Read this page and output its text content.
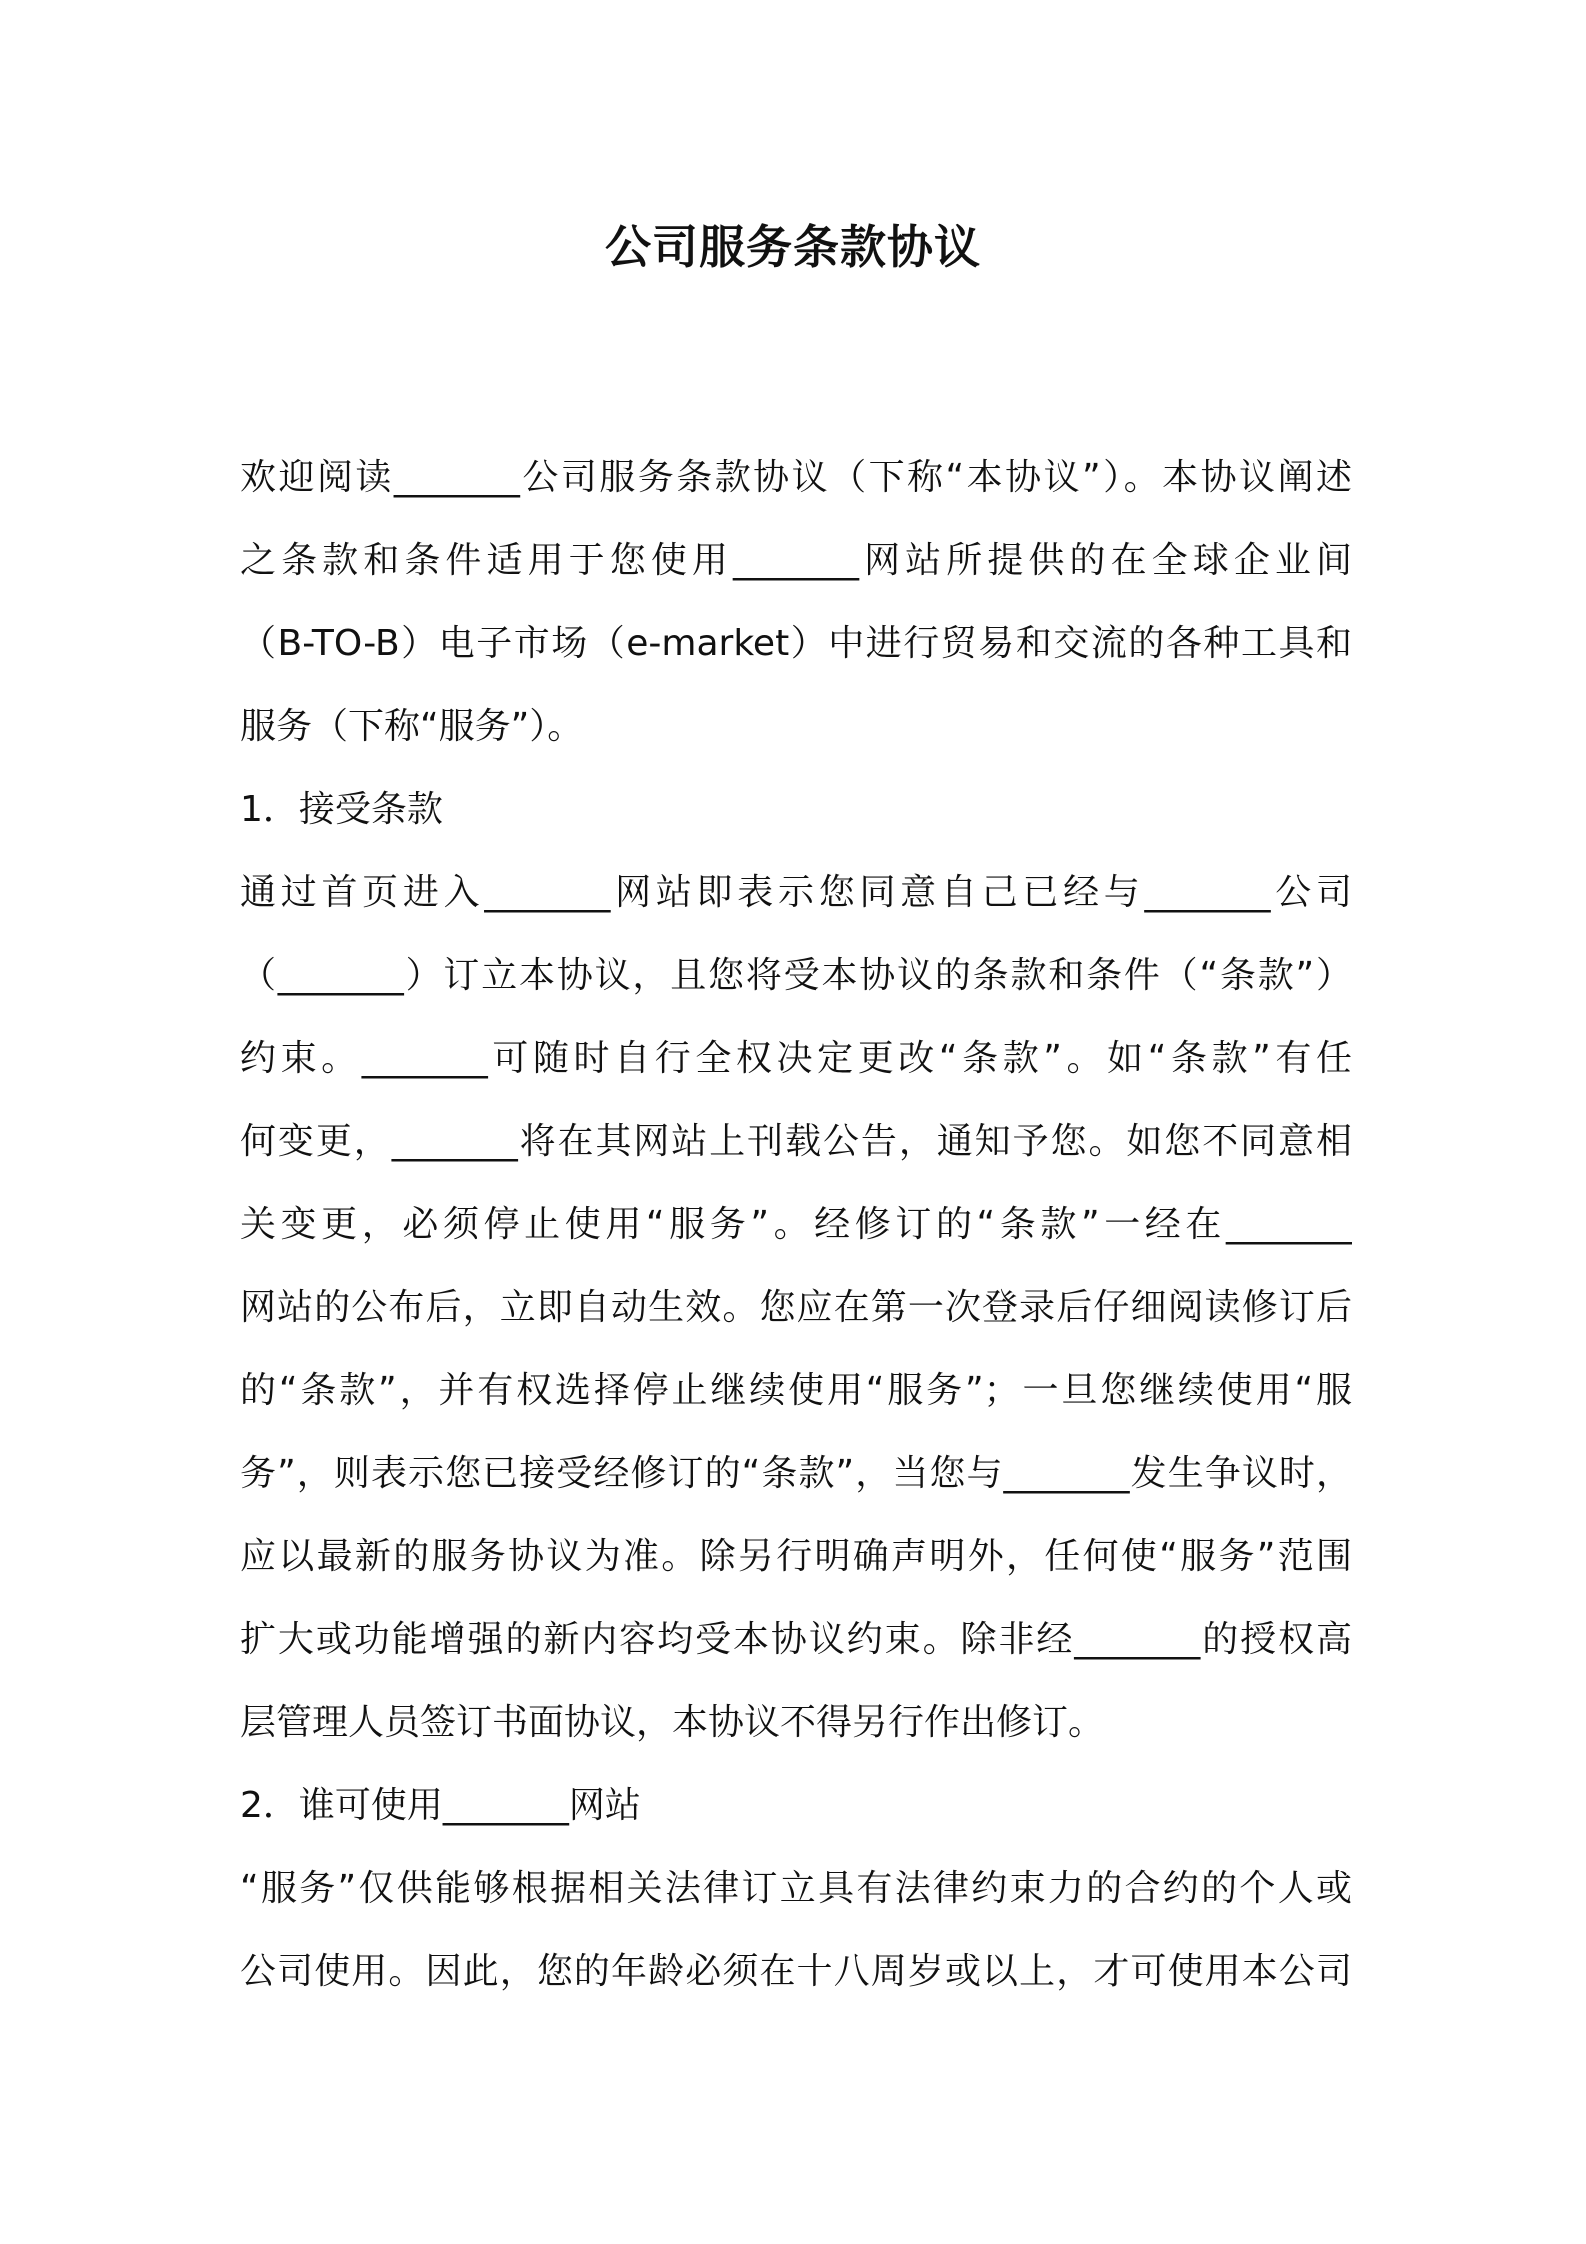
公司服务条款协议
欢迎阅读_______公司服务条款协议（下称“本协议”）。本协议阐述
之条款和条件适用于您使用_______网站所提供的在全球企业间
（B-TO-B）电子市场（e-market）中进行贸易和交流的各种工具和
服务（下称“服务”）。
1．接受条款
通过首页进入_______网站即表示您同意自己已经与_______公司
（_______）订立本协议，且您将受本协议的条款和条件（“条款”）
约束。_______可随时自行全权决定更改“条款”。如“条款”有任
何变更，_______将在其网站上刊载公告，通知予您。如您不同意相
关变更，必须停止使用“服务”。经修订的“条款”一经在_______
网站的公布后，立即自动生效。您应在第一次登录后仔细阅读修订后
的“条款”，并有权选择停止继续使用“服务”；一旦您继续使用“服
务”，则表示您已接受经修订的“条款”，当您与_______发生争议时，
应以最新的服务协议为准。除另行明确声明外，任何使“服务”范围
扩大或功能增强的新内容均受本协议约束。除非经_______的授权高
层管理人员签订书面协议，本协议不得另行作出修订。
2．谁可使用_______网站
“服务”仅供能够根据相关法律订立具有法律约束力的合约的个人或
公司使用。因此，您的年龄必须在十八周岁或以上，才可使用本公司
